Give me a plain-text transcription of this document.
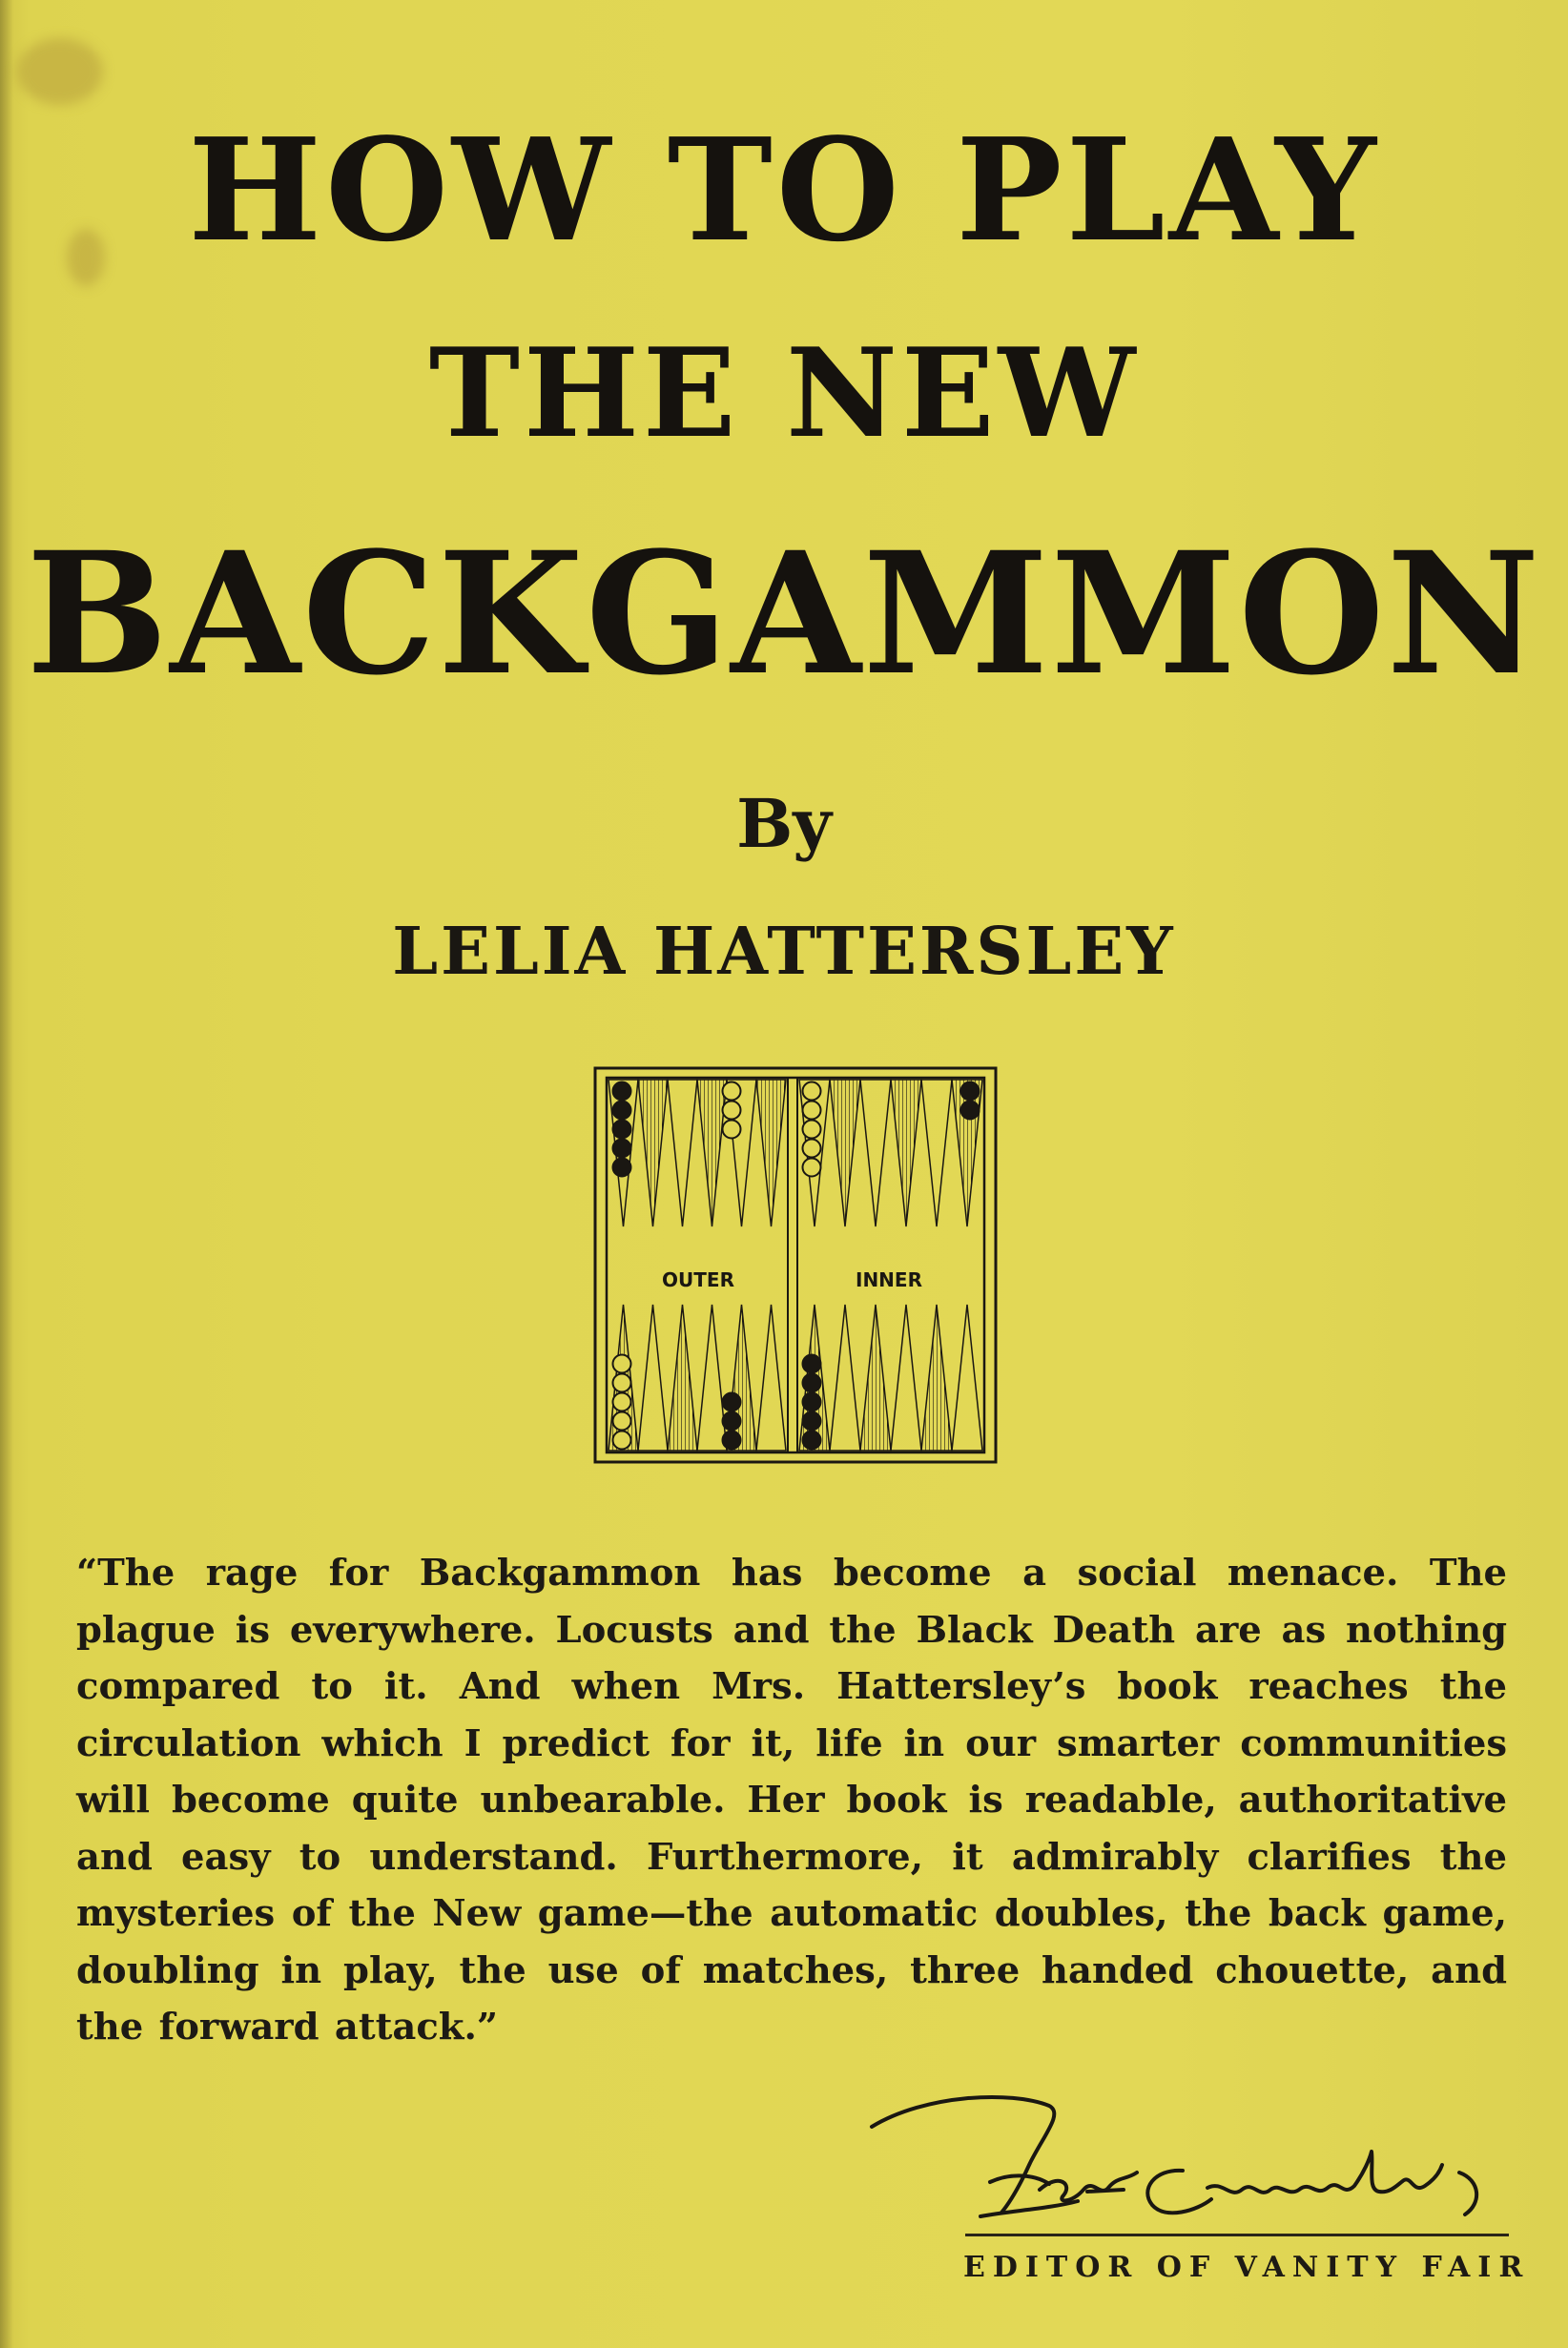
HOW TO PLAY
THE NEW
BACKGAMMON
By
LELIA HATTERSLEY
OUTER	INNER

“The rage for Backgammon has become a social menace. The plague is everywhere. Locusts and the Black Death are as nothing compared to it. And when Mrs. Hattersley’s book reaches the circulation which I predict for it, life in our smarter communities will become quite unbearable. Her book is readable, authoritative and easy to understand. Furthermore, it admirably clarifies the mysteries of the New game—the automatic doubles, the back game, doubling in play, the use of matches, three handed chouette, and the forward attack.”

EDITOR OF VANITY FAIR
